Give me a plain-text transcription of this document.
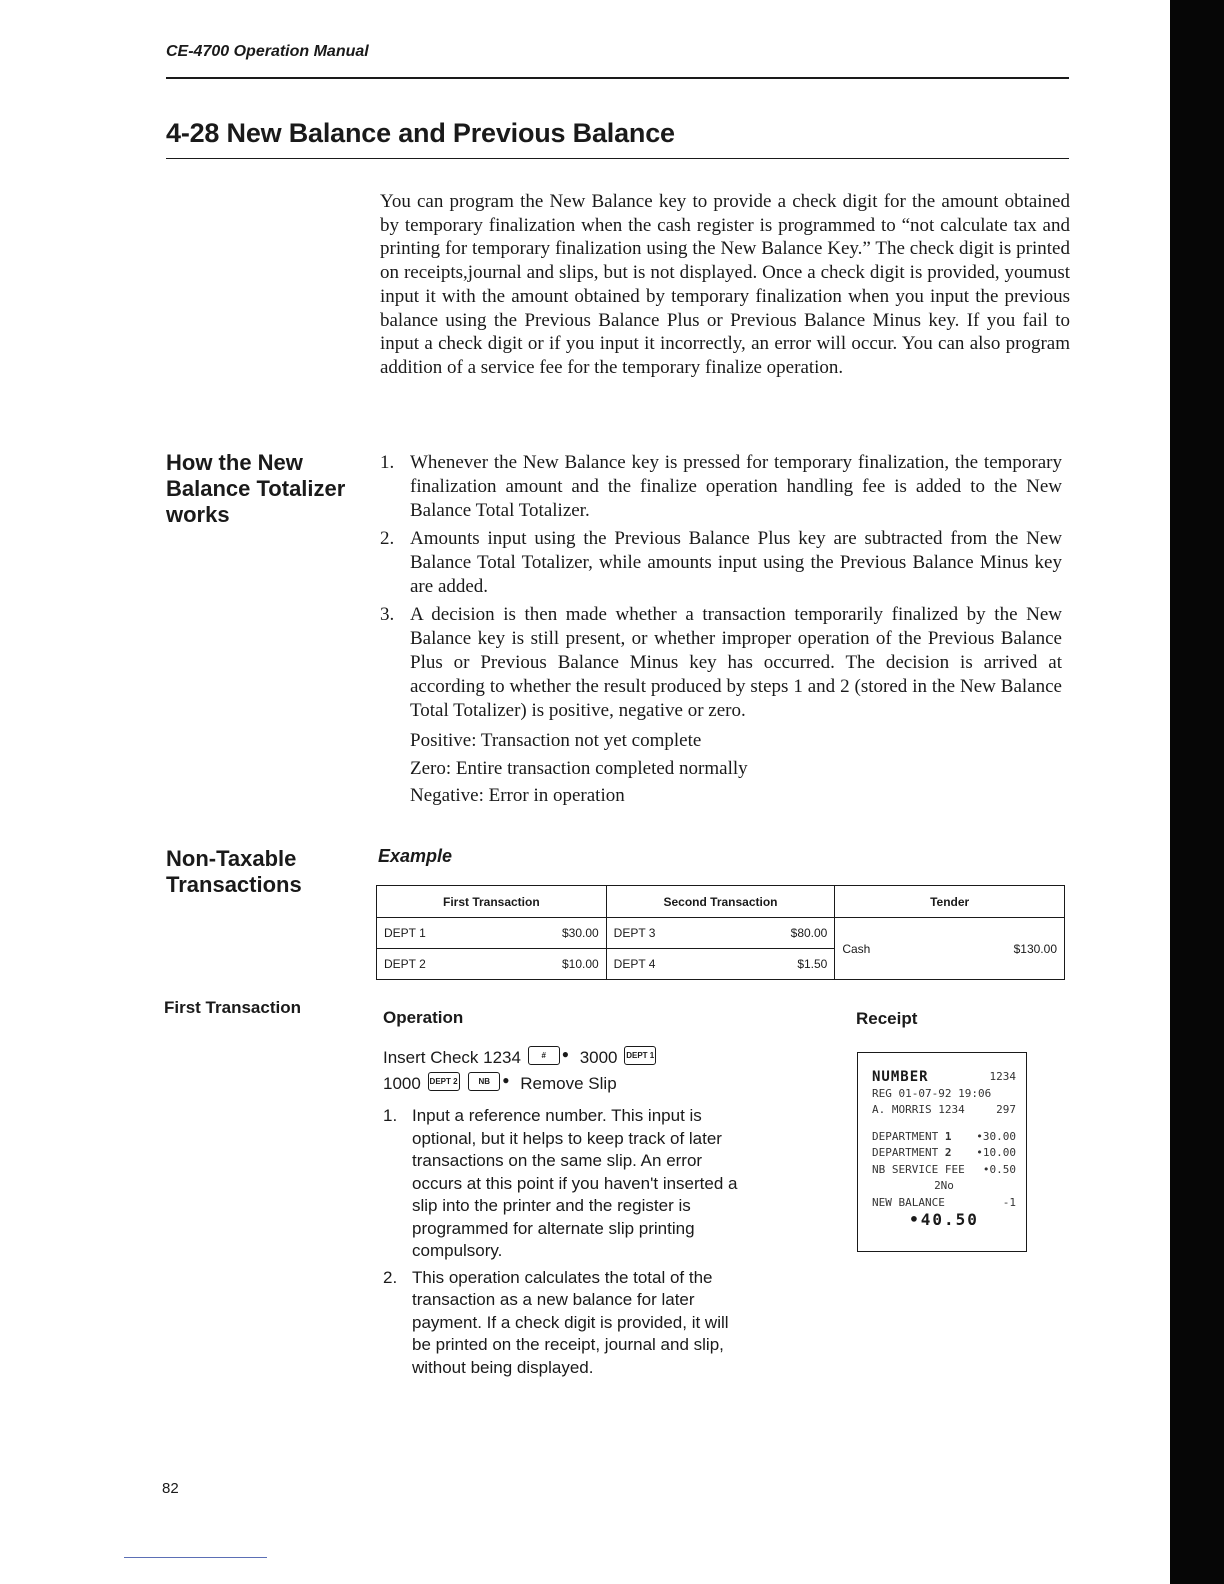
CE-4700 Operation Manual
4-28 New Balance and Previous Balance

You can program the New Balance key to provide a check digit for the amount obtained by temporary finalization when the cash register is programmed to “not calculate tax and printing for temporary finalization using the New Balance Key.” The check digit is printed on receipts,journal and slips, but is not displayed. Once a check digit is provided, youmust input it with the amount obtained by temporary finalization when you input the previous balance using the Previous Balance Plus or Previous Balance Minus key. If you fail to input a check digit or if you input it incorrectly, an error will occur. You can also program addition of a service fee for the temporary finalize operation.

How the New Balance Totalizer works
1. Whenever the New Balance key is pressed for temporary finalization, the temporary finalization amount and the finalize operation handling fee is added to the New Balance Total Totalizer.
2. Amounts input using the Previous Balance Plus key are subtracted from the New Balance Total Totalizer, while amounts input using the Previous Balance Minus key are added.
3. A decision is then made whether a transaction temporarily finalized by the New Balance key is still present, or whether improper operation of the Previous Balance Plus or Previous Balance Minus key has occurred. The decision is arrived at according to whether the result produced by steps 1 and 2 (stored in the New Balance Total Totalizer) is positive, negative or zero.
Positive: Transaction not yet complete
Zero: Entire transaction completed normally
Negative: Error in operation
Non-Taxable Transactions
Example
First Transaction		Second Transaction		Tender
DEPT 1	$30.00	DEPT 3	$80.00	Cash $130.00

DEPT 2	$10.00	DEPT 4	$1.50	
First Transaction
Operation	Receipt
Insert Check 1234	#	● 3000 DEPT 1
1000 DEPT 2
	NB	● Remove Slip
1. Input a reference number. This input is optional, but it helps to keep track of later transactions on the same slip. An error occurs at this point if you haven't inserted a slip into the printer and the register is programmed for alternate slip printing compulsory.
2. This operation calculates the total of the transaction as a new balance for later payment. If a check digit is provided, it will be printed on the receipt, journal and slip, without being displayed.
NUMBER	1234
REG 01-07-92 19:06
A. MORRIS 1234	297
DEPARTMENT 1 •30.00
DEPARTMENT 2 •10.00
NB SERVICE FEE •0.50
2No
NEW BALANCE	-1
•40.50
82
